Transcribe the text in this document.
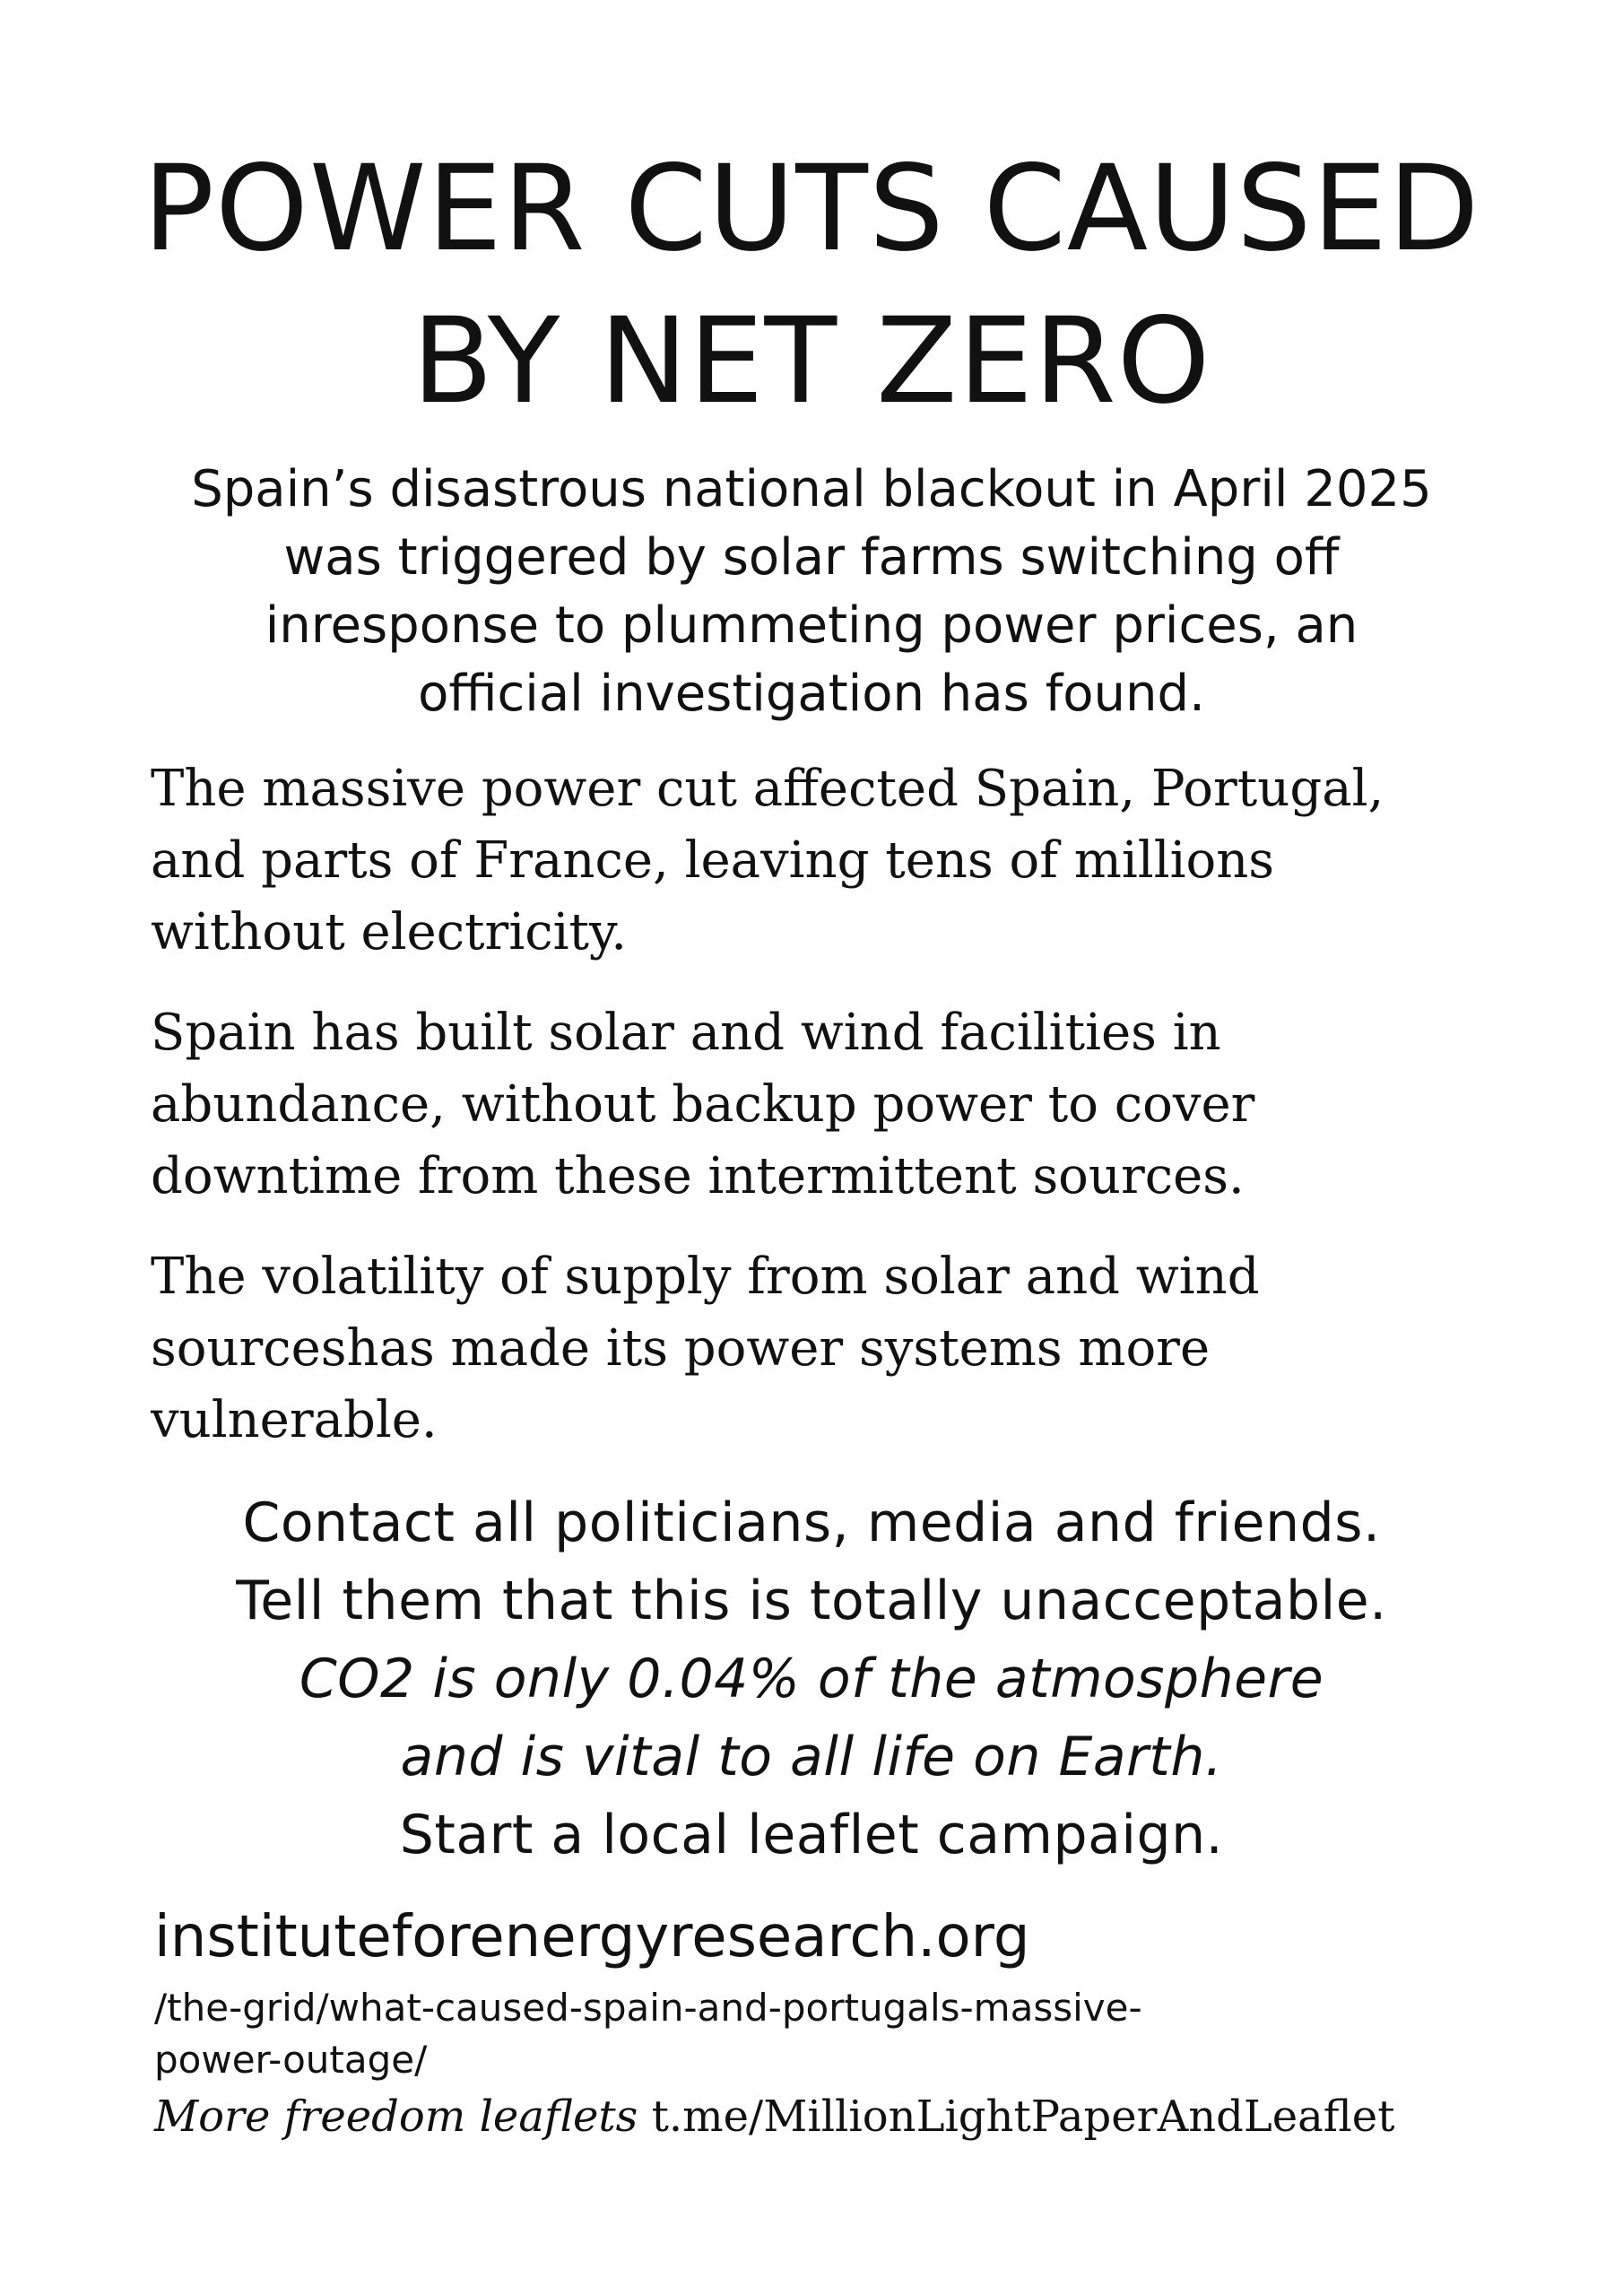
POWER CUTS CAUSED
BY NET ZERO
Spain’s disastrous national blackout in April 2025
was triggered by solar farms switching off
inresponse to plummeting power prices, an
official investigation has found.
The massive power cut affected Spain, Portugal,
and parts of France, leaving tens of millions
without electricity.
Spain has built solar and wind facilities in
abundance, without backup power to cover
downtime from these intermittent sources.
The volatility of supply from solar and wind
sourceshas made its power systems more
vulnerable.
Contact all politicians, media and friends.
Tell them that this is totally unacceptable.
CO2 is only 0.04% of the atmosphere
and is vital to all life on Earth.
Start a local leaflet campaign.
instituteforenergyresearch.org
/the-grid/what-caused-spain-and-portugals-massive-
power-outage/
More freedom leaflets t.me/MillionLightPaperAndLeaflet
